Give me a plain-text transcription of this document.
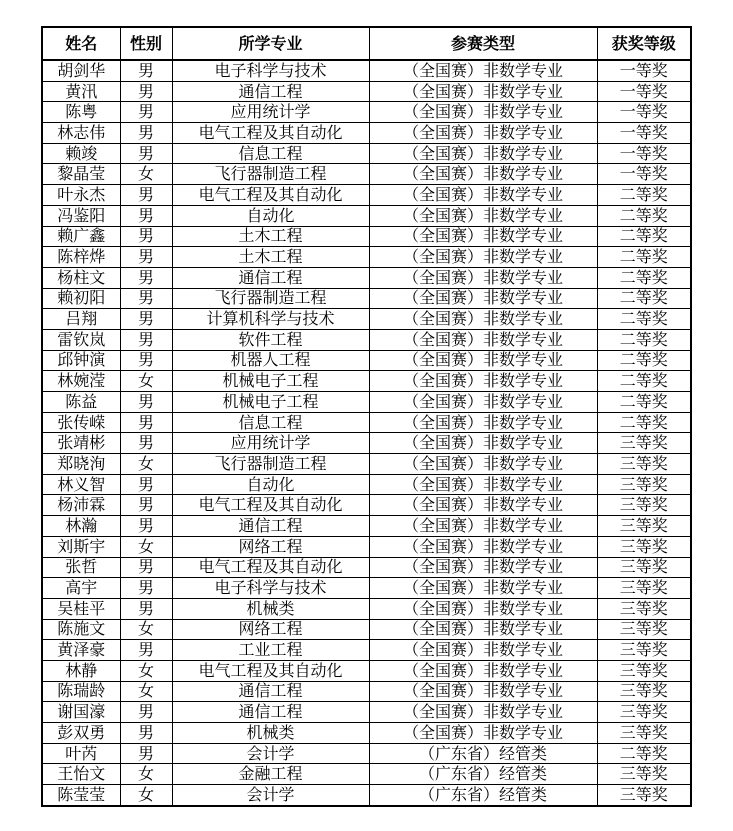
姓名	性别	所学专业	参赛类型	获奖等级
胡剑华	男	电子科学与技术	（全国赛）非数学专业	一等奖
黄汛	男	通信工程	（全国赛）非数学专业	一等奖
陈粤	男	应用统计学	（全国赛）非数学专业	一等奖
林志伟	男	电气工程及其自动化	（全国赛）非数学专业	一等奖
赖竣	男	信息工程	（全国赛）非数学专业	一等奖
黎晶莹	女	飞行器制造工程	（全国赛）非数学专业	一等奖
叶永杰	男	电气工程及其自动化	（全国赛）非数学专业	二等奖
冯鉴阳	男	自动化	（全国赛）非数学专业	二等奖
赖广鑫	男	土木工程	（全国赛）非数学专业	二等奖
陈梓烨	男	土木工程	（全国赛）非数学专业	二等奖
杨柱文	男	通信工程	（全国赛）非数学专业	二等奖
赖初阳	男	飞行器制造工程	（全国赛）非数学专业	二等奖
吕翔	男	计算机科学与技术	（全国赛）非数学专业	二等奖
雷钦岚	男	软件工程	（全国赛）非数学专业	二等奖
邱钟演	男	机器人工程	（全国赛）非数学专业	二等奖
林婉滢	女	机械电子工程	（全国赛）非数学专业	二等奖
陈益	男	机械电子工程	（全国赛）非数学专业	二等奖
张传嵘	男	信息工程	（全国赛）非数学专业	二等奖
张靖彬	男	应用统计学	（全国赛）非数学专业	三等奖
郑晓洵	女	飞行器制造工程	（全国赛）非数学专业	三等奖
林义智	男	自动化	（全国赛）非数学专业	三等奖
杨沛霖	男	电气工程及其自动化	（全国赛）非数学专业	三等奖
林瀚	男	通信工程	（全国赛）非数学专业	三等奖
刘斯宇	女	网络工程	（全国赛）非数学专业	三等奖
张哲	男	电气工程及其自动化	（全国赛）非数学专业	三等奖
高宇	男	电子科学与技术	（全国赛）非数学专业	三等奖
吴桂平	男	机械类	（全国赛）非数学专业	三等奖
陈施文	女	网络工程	（全国赛）非数学专业	三等奖
黄泽豪	男	工业工程	（全国赛）非数学专业	三等奖
林静	女	电气工程及其自动化	（全国赛）非数学专业	三等奖
陈瑞龄	女	通信工程	（全国赛）非数学专业	三等奖
谢国濠	男	通信工程	（全国赛）非数学专业	三等奖
彭双勇	男	机械类	（全国赛）非数学专业	三等奖
叶芮	男	会计学	（广东省）经管类	二等奖
王怡文	女	金融工程	（广东省）经管类	三等奖
陈莹莹	女	会计学	（广东省）经管类	三等奖
